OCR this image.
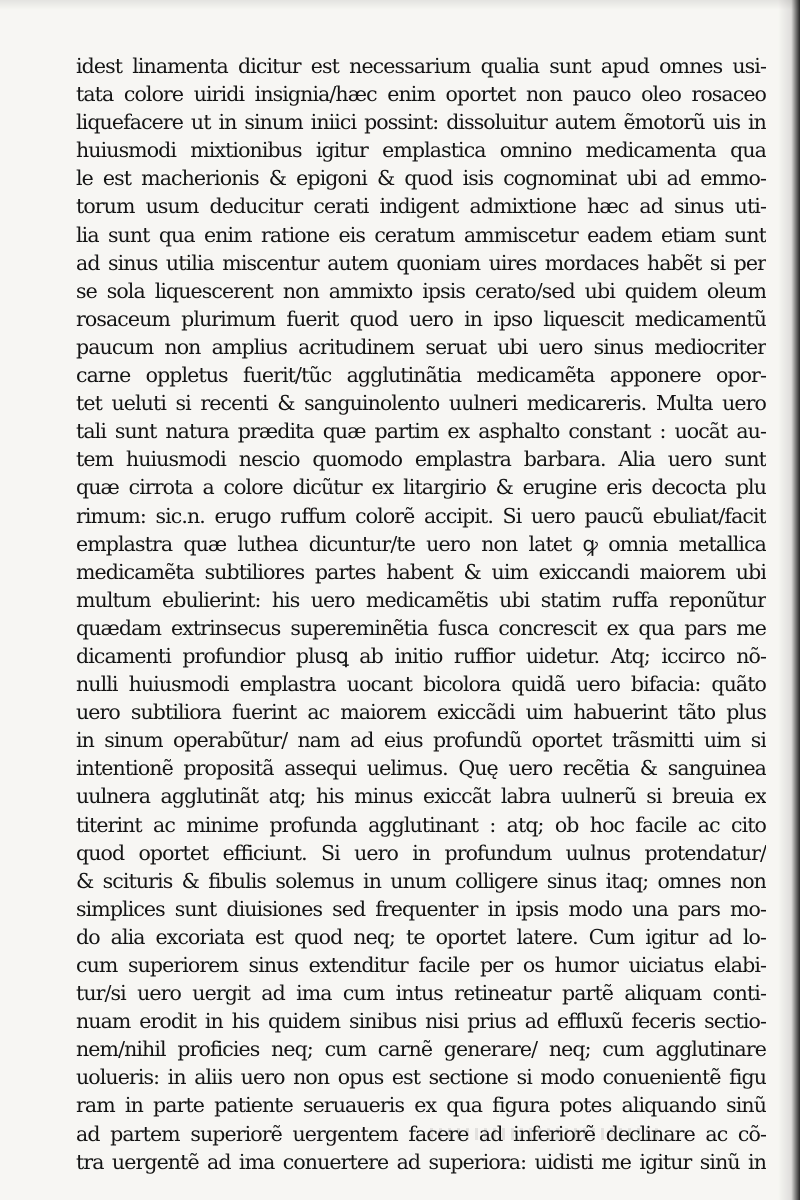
idest linamenta dicitur est necessarium qualia sunt apud omnes usi-
tata colore uiridi insignia/hæc enim oportet non pauco oleo rosaceo
liquefacere ut in sinum iniici possint: dissoluitur autem ẽmotorũ uis in
huiusmodi mixtionibus igitur emplastica omnino medicamenta qua
le est macherionis & epigoni & quod isis cognominat ubi ad emmo-
torum usum deducitur cerati indigent admixtione hæc ad sinus uti-
lia sunt qua enim ratione eis ceratum ammiscetur eadem etiam sunt
ad sinus utilia miscentur autem quoniam uires mordaces habẽt si per
se sola liquescerent non ammixto ipsis cerato/sed ubi quidem oleum
rosaceum plurimum fuerit quod uero in ipso liquescit medicamentũ
paucum non amplius acritudinem seruat ubi uero sinus mediocriter
carne oppletus fuerit/tũc agglutinãtia medicamẽta apponere opor-
tet ueluti si recenti & sanguinolento uulneri medicareris. Multa uero
tali sunt natura prædita quæ partim ex asphalto constant : uocãt au-
tem huiusmodi nescio quomodo emplastra barbara. Alia uero sunt
quæ cirrota a colore dicũtur ex litargirio & erugine eris decocta plu
rimum: sic.n. erugo ruffum colorẽ accipit. Si uero paucũ ebuliat/facit
emplastra quæ luthea dicuntur/te uero non latet ꝙ omnia metallica
medicamẽta subtiliores partes habent & uim exiccandi maiorem ubi
multum ebulierint: his uero medicamẽtis ubi statim ruffa reponũtur
quædam extrinsecus supereminẽtia fusca concrescit ex qua pars me
dicamenti profundior plusꝗ ab initio ruffior uidetur. Atq; iccirco nõ-
nulli huiusmodi emplastra uocant bicolora quidã uero bifacia: quãto
uero subtiliora fuerint ac maiorem exiccãdi uim habuerint tãto plus
in sinum operabũtur/ nam ad eius profundũ oportet trãsmitti uim si
intentionẽ propositã assequi uelimus. Quę uero recẽtia & sanguinea
uulnera agglutinãt atq; his minus exiccãt labra uulnerũ si breuia ex
titerint ac minime profunda agglutinant : atq; ob hoc facile ac cito
quod oportet efficiunt. Si uero in profundum uulnus protendatur/
& scituris & fibulis solemus in unum colligere sinus itaq; omnes non
simplices sunt diuisiones sed frequenter in ipsis modo una pars mo-
do alia excoriata est quod neq; te oportet latere. Cum igitur ad lo-
cum superiorem sinus extenditur facile per os humor uiciatus elabi-
tur/si uero uergit ad ima cum intus retineatur partẽ aliquam conti-
nuam erodit in his quidem sinibus nisi prius ad effluxũ feceris sectio-
nem/nihil proficies neq; cum carnẽ generare/ neq; cum agglutinare
uolueris: in aliis uero non opus est sectione si modo conuenientẽ figu
ram in parte patiente seruaueris ex qua figura potes aliquando sinũ
ad partem superiorẽ uergentem facere ad inferiorẽ declinare ac cõ-
tra uergentẽ ad ima conuertere ad superiora: uidisti me igitur sinũ in
